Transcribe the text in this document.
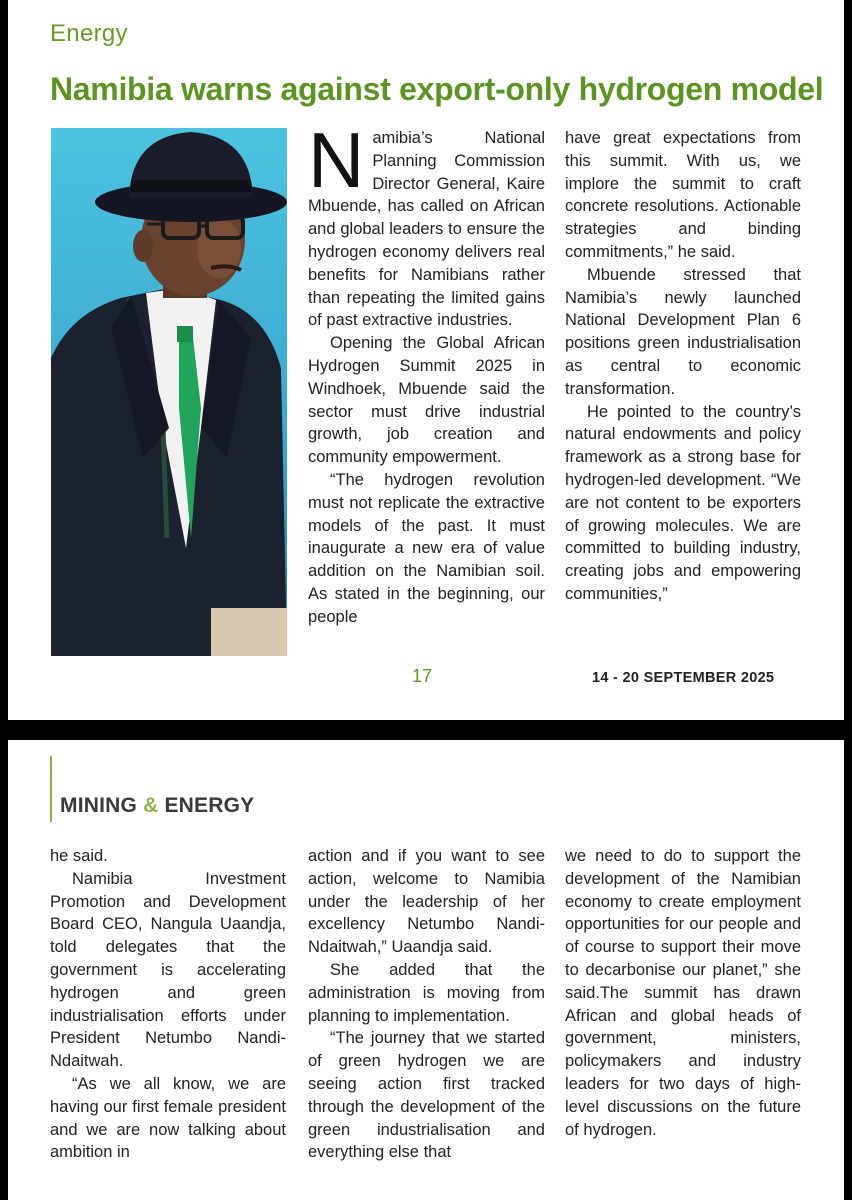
Energy
Namibia warns against export-only hydrogen model

Namibia’s National Planning Commission Director General, Kaire Mbuende, has called on African and global leaders to ensure the hydrogen economy delivers real benefits for Namibians rather than repeating the limited gains of past extractive industries.

Opening the Global African Hydrogen Summit 2025 in Windhoek, Mbuende said the sector must drive industrial growth, job creation and community empowerment.

“The hydrogen revolution must not replicate the extractive models of the past. It must inaugurate a new era of value addition on the Namibian soil. As stated in the beginning, our people

have great expectations from this summit. With us, we implore the summit to craft concrete resolutions. Actionable strategies and binding commitments,” he said.

Mbuende stressed that Namibia’s newly launched National Development Plan 6 positions green industrialisation as central to economic transformation.

He pointed to the country’s natural endowments and policy framework as a strong base for hydrogen-led development. “We are not content to be exporters of growing molecules. We are committed to building industry, creating jobs and empowering communities,”

17	14 - 20 SEPTEMBER 2025
MINING & ENERGY

he said.

Namibia Investment Promotion and Development Board CEO, Nangula Uaandja, told delegates that the government is accelerating hydrogen and green industrialisation efforts under President Netumbo Nandi-Ndaitwah.

“As we all know, we are having our first female president and we are now talking about ambition in

action and if you want to see action, welcome to Namibia under the leadership of her excellency Netumbo Nandi-Ndaitwah,” Uaandja said.

She added that the administration is moving from planning to implementation.

“The journey that we started of green hydrogen we are seeing action first tracked through the development of the green industrialisation and everything else that

we need to do to support the development of the Namibian economy to create employment opportunities for our people and of course to support their move to decarbonise our planet,” she said.The summit has drawn African and global heads of government, ministers, policymakers and industry leaders for two days of high-level discussions on the future of hydrogen.
